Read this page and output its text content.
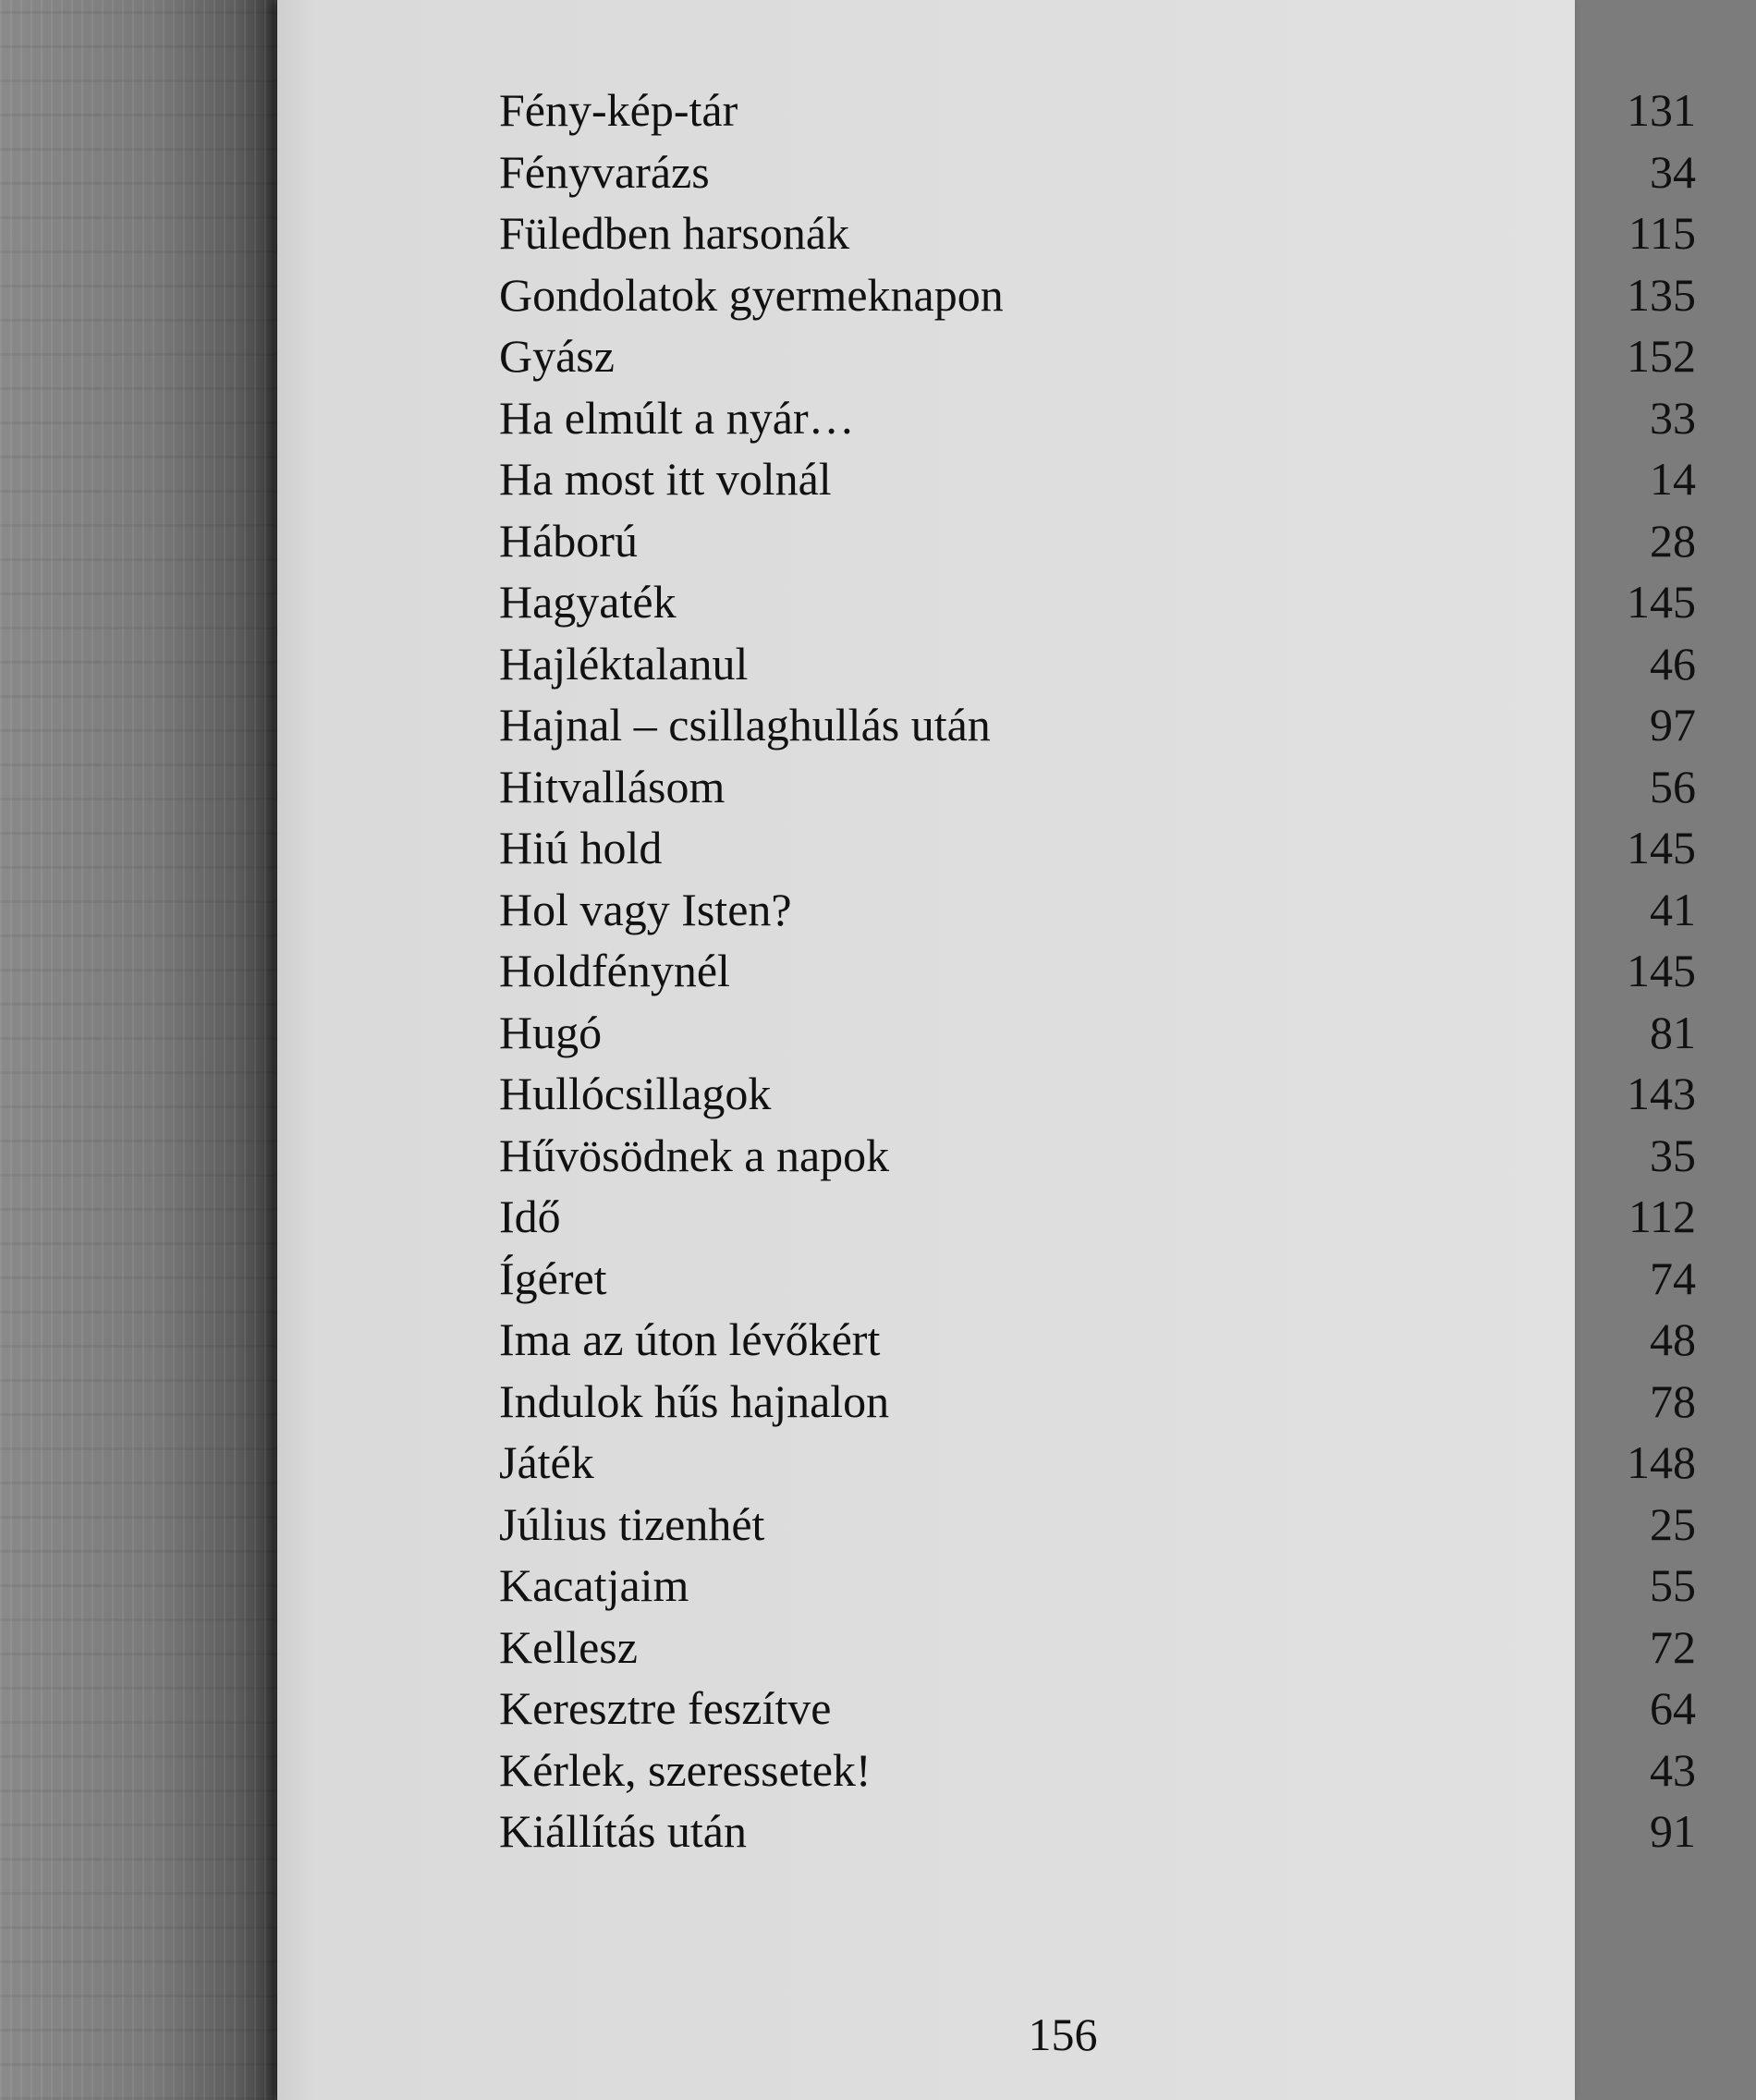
Fény-kép-tár	131
Fényvarázs	34
Füledben harsonák	115
Gondolatok gyermeknapon	135
Gyász	152
Ha elmúlt a nyár…	33
Ha most itt volnál	14
Háború	28
Hagyaték	145
Hajléktalanul	46
Hajnal – csillaghullás után	97
Hitvallásom	56
Hiú hold	145
Hol vagy Isten?	41
Holdfénynél	145
Hugó	81
Hullócsillagok	143
Hűvösödnek a napok	35
Idő	112
Ígéret	74
Ima az úton lévőkért	48
Indulok hűs hajnalon	78
Játék	148
Július tizenhét	25
Kacatjaim	55
Kellesz	72
Keresztre feszítve	64
Kérlek, szeressetek!	43
Kiállítás után	91
156
